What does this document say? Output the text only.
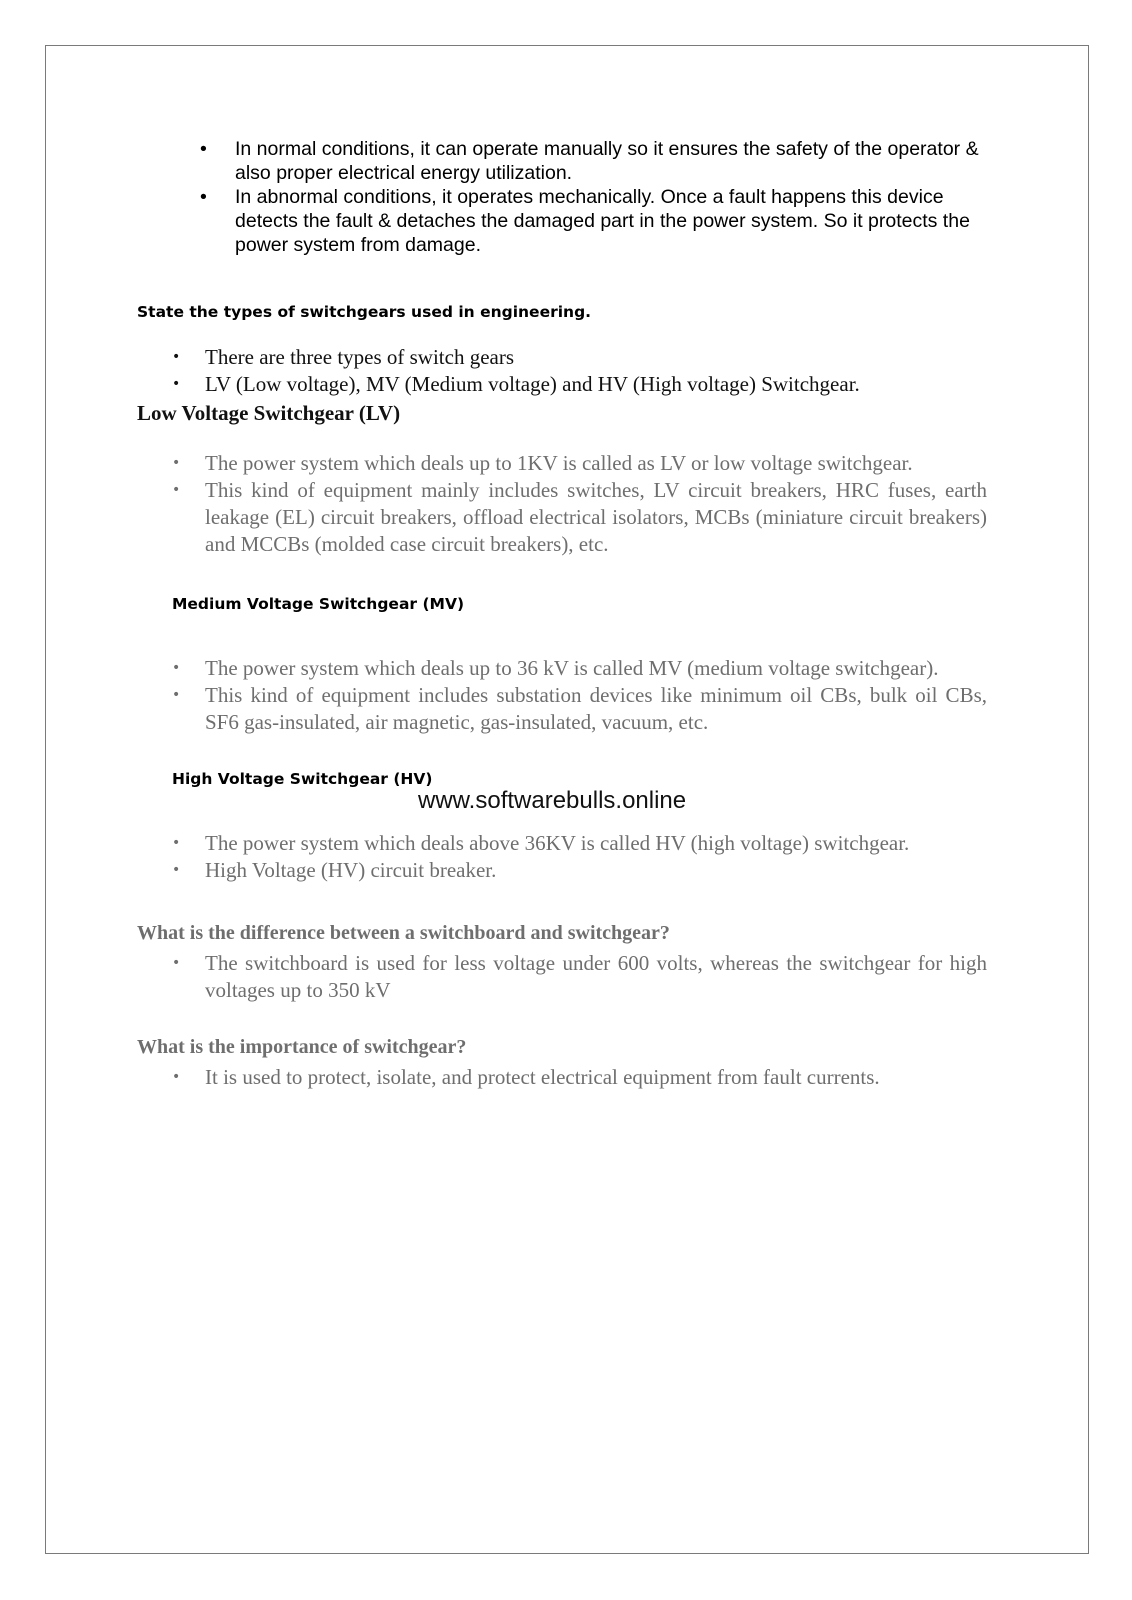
• In normal conditions, it can operate manually so it ensures the safety of the operator & also proper electrical energy utilization.
• In abnormal conditions, it operates mechanically. Once a fault happens this device detects the fault & detaches the damaged part in the power system. So it protects the power system from damage.
State the types of switchgears used in engineering.
• There are three types of switch gears
• LV (Low voltage), MV (Medium voltage) and HV (High voltage) Switchgear.
Low Voltage Switchgear (LV)
• The power system which deals up to 1KV is called as LV or low voltage switchgear.
• This kind of equipment mainly includes switches, LV circuit breakers, HRC fuses, earth leakage (EL) circuit breakers, offload electrical isolators, MCBs (miniature circuit breakers) and MCCBs (molded case circuit breakers), etc.
Medium Voltage Switchgear (MV)
• The power system which deals up to 36 kV is called MV (medium voltage switchgear).
• This kind of equipment includes substation devices like minimum oil CBs, bulk oil CBs, SF6 gas-insulated, air magnetic, gas-insulated, vacuum, etc.
High Voltage Switchgear (HV)
www.softwarebulls.online
• The power system which deals above 36KV is called HV (high voltage) switchgear.
• High Voltage (HV) circuit breaker.
What is the difference between a switchboard and switchgear?
• The switchboard is used for less voltage under 600 volts, whereas the switchgear for high voltages up to 350 kV
What is the importance of switchgear?
• It is used to protect, isolate, and protect electrical equipment from fault currents.
